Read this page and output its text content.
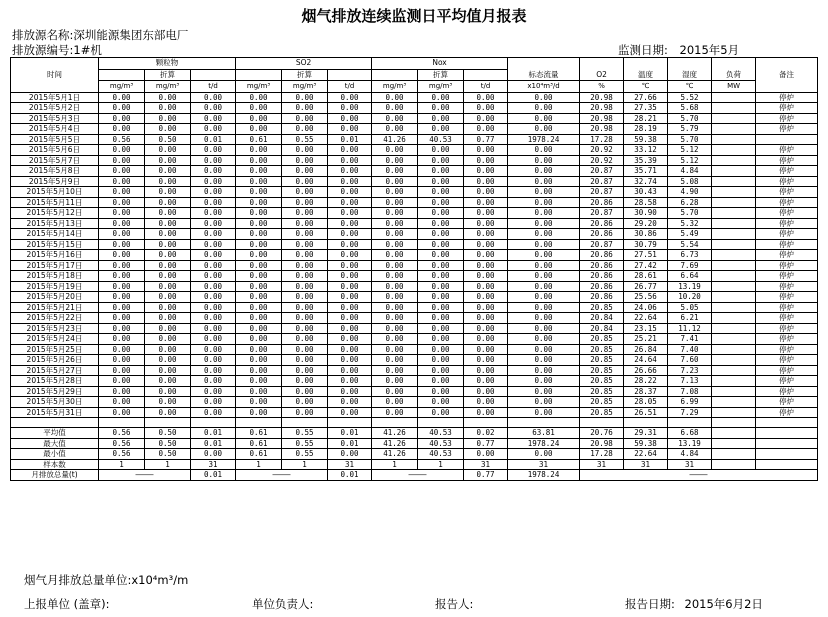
烟气排放连续监测日平均值月报表
排放源名称:深圳能源集团东部电厂
排放源编号:1#机	监测日期: 2015年5月
时间	颗粒物			SO2			Nox			标态流量	O2	温度	湿度	负荷	备注
		折算			折算			折算							
	mg/m³	mg/m³	t/d	mg/m³	mg/m³	t/d	mg/m³	mg/m³	t/d	x10⁴m³/d	%	℃	℃	MW	
2015年5月1日	0.00	0.00	0.00	0.00	0.00	0.00	0.00	0.00	0.00	0.00	20.98	27.66	5.52		停炉
2015年5月2日	0.00	0.00	0.00	0.00	0.00	0.00	0.00	0.00	0.00	0.00	20.98	27.35	5.68		停炉
2015年5月3日	0.00	0.00	0.00	0.00	0.00	0.00	0.00	0.00	0.00	0.00	20.98	28.21	5.70		停炉
2015年5月4日	0.00	0.00	0.00	0.00	0.00	0.00	0.00	0.00	0.00	0.00	20.98	28.19	5.79		停炉
2015年5月5日	0.56	0.50	0.01	0.61	0.55	0.01	41.26	40.53	0.77	1978.24	17.28	59.38	5.70		
2015年5月6日	0.00	0.00	0.00	0.00	0.00	0.00	0.00	0.00	0.00	0.00	20.92	33.12	5.12		停炉
2015年5月7日	0.00	0.00	0.00	0.00	0.00	0.00	0.00	0.00	0.00	0.00	20.92	35.39	5.12		停炉
2015年5月8日	0.00	0.00	0.00	0.00	0.00	0.00	0.00	0.00	0.00	0.00	20.87	35.71	4.84		停炉
2015年5月9日	0.00	0.00	0.00	0.00	0.00	0.00	0.00	0.00	0.00	0.00	20.87	32.74	5.08		停炉
2015年5月10日	0.00	0.00	0.00	0.00	0.00	0.00	0.00	0.00	0.00	0.00	20.87	30.43	4.90		停炉
2015年5月11日	0.00	0.00	0.00	0.00	0.00	0.00	0.00	0.00	0.00	0.00	20.86	28.58	6.28		停炉
2015年5月12日	0.00	0.00	0.00	0.00	0.00	0.00	0.00	0.00	0.00	0.00	20.87	30.90	5.70		停炉
2015年5月13日	0.00	0.00	0.00	0.00	0.00	0.00	0.00	0.00	0.00	0.00	20.86	29.20	5.32		停炉
2015年5月14日	0.00	0.00	0.00	0.00	0.00	0.00	0.00	0.00	0.00	0.00	20.86	30.86	5.49		停炉
2015年5月15日	0.00	0.00	0.00	0.00	0.00	0.00	0.00	0.00	0.00	0.00	20.87	30.79	5.54		停炉
2015年5月16日	0.00	0.00	0.00	0.00	0.00	0.00	0.00	0.00	0.00	0.00	20.86	27.51	6.73		停炉
2015年5月17日	0.00	0.00	0.00	0.00	0.00	0.00	0.00	0.00	0.00	0.00	20.86	27.42	7.69		停炉
2015年5月18日	0.00	0.00	0.00	0.00	0.00	0.00	0.00	0.00	0.00	0.00	20.86	28.61	6.64		停炉
2015年5月19日	0.00	0.00	0.00	0.00	0.00	0.00	0.00	0.00	0.00	0.00	20.86	26.77	13.19		停炉
2015年5月20日	0.00	0.00	0.00	0.00	0.00	0.00	0.00	0.00	0.00	0.00	20.86	25.56	10.20		停炉
2015年5月21日	0.00	0.00	0.00	0.00	0.00	0.00	0.00	0.00	0.00	0.00	20.85	24.06	5.05		停炉
2015年5月22日	0.00	0.00	0.00	0.00	0.00	0.00	0.00	0.00	0.00	0.00	20.84	22.64	6.21		停炉
2015年5月23日	0.00	0.00	0.00	0.00	0.00	0.00	0.00	0.00	0.00	0.00	20.84	23.15	11.12		停炉
2015年5月24日	0.00	0.00	0.00	0.00	0.00	0.00	0.00	0.00	0.00	0.00	20.85	25.21	7.41		停炉
2015年5月25日	0.00	0.00	0.00	0.00	0.00	0.00	0.00	0.00	0.00	0.00	20.85	26.84	7.40		停炉
2015年5月26日	0.00	0.00	0.00	0.00	0.00	0.00	0.00	0.00	0.00	0.00	20.85	24.64	7.60		停炉
2015年5月27日	0.00	0.00	0.00	0.00	0.00	0.00	0.00	0.00	0.00	0.00	20.85	26.66	7.23		停炉
2015年5月28日	0.00	0.00	0.00	0.00	0.00	0.00	0.00	0.00	0.00	0.00	20.85	28.22	7.13		停炉
2015年5月29日	0.00	0.00	0.00	0.00	0.00	0.00	0.00	0.00	0.00	0.00	20.85	28.37	7.08		停炉
2015年5月30日	0.00	0.00	0.00	0.00	0.00	0.00	0.00	0.00	0.00	0.00	20.85	28.05	6.99		停炉
2015年5月31日	0.00	0.00	0.00	0.00	0.00	0.00	0.00	0.00	0.00	0.00	20.85	26.51	7.29		停炉

平均值	0.56	0.50	0.01	0.61	0.55	0.01	41.26	40.53	0.02	63.81	20.76	29.31	6.68		
最大值	0.56	0.50	0.01	0.61	0.55	0.01	41.26	40.53	0.77	1978.24	20.98	59.38	13.19		
最小值	0.56	0.50	0.00	0.61	0.55	0.00	41.26	40.53	0.00	0.00	17.28	22.64	4.84		
样本数	1	1	31	1	1	31	1	1	31	31	31	31	31		
月排放总量(t)	————		0.01	————		0.01	————		0.77	1978.24	————				
烟气月排放总量单位:x10⁴m³/m
上报单位 (盖章):	单位负责人:	报告人:	报告日期: 2015年6月2日
